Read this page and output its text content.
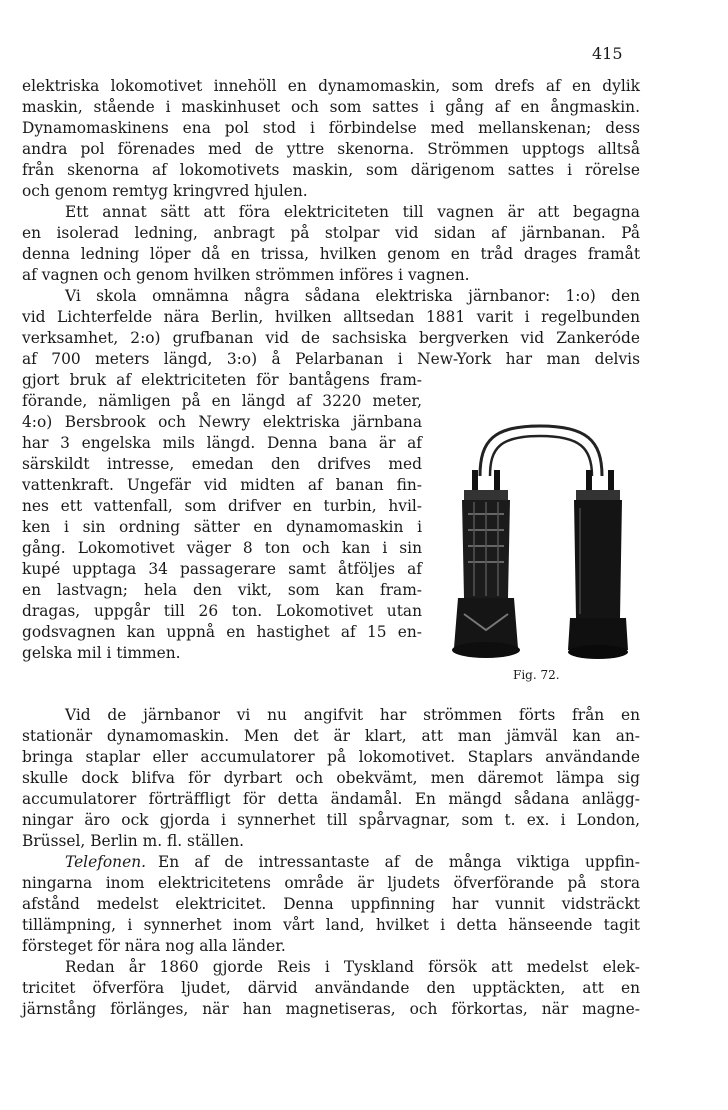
415
elektriska lokomotivet innehöll en dynamomaskin, som drefs af en dylik
maskin, stående i maskinhuset och som sattes i gång af en ångmaskin.
Dynamomaskinens ena pol stod i förbindelse med mellanskenan; dess
andra pol förenades med de yttre skenorna. Strömmen upptogs alltså
från skenorna af lokomotivets maskin, som därigenom sattes i rörelse
och genom remtyg kringvred hjulen.
Ett annat sätt att föra elektriciteten till vagnen är att begagna
en isolerad ledning, anbragt på stolpar vid sidan af järnbanan. På
denna ledning löper då en trissa, hvilken genom en tråd drages framåt
af vagnen och genom hvilken strömmen införes i vagnen.
Vi skola omnämna några sådana elektriska järnbanor: 1:o) den
vid Lichterfelde nära Berlin, hvilken alltsedan 1881 varit i regelbunden
verksamhet, 2:o) grufbanan vid de sachsiska bergverken vid Zankeróde
af 700 meters längd, 3:o) å Pelarbanan i New-York har man delvis
gjort bruk af elektriciteten för bantågens fram-
förande, nämligen på en längd af 3220 meter,
4:o) Bersbrook och Newry elektriska järnbana
har 3 engelska mils längd. Denna bana är af
särskildt intresse, emedan den drifves med
vattenkraft. Ungefär vid midten af banan fin-
nes ett vattenfall, som drifver en turbin, hvil-
ken i sin ordning sätter en dynamomaskin i
gång. Lokomotivet väger 8 ton och kan i sin
kupé upptaga 34 passagerare samt åtföljes af
en lastvagn; hela den vikt, som kan fram-
dragas, uppgår till 26 ton. Lokomotivet utan
godsvagnen kan uppnå en hastighet af 15 en-
gelska mil i timmen.
Fig. 72.
Vid de järnbanor vi nu angifvit har strömmen förts från en
stationär dynamomaskin. Men det är klart, att man jämväl kan an-
bringa staplar eller accumulatorer på lokomotivet. Staplars användande
skulle dock blifva för dyrbart och obekvämt, men däremot lämpa sig
accumulatorer förträffligt för detta ändamål. En mängd sådana anlägg-
ningar äro ock gjorda i synnerhet till spårvagnar, som t. ex. i London,
Brüssel, Berlin m. fl. ställen.
Telefonen. En af de intressantaste af de många viktiga uppfin-
ningarna inom elektricitetens område är ljudets öfverförande på stora
afstånd medelst elektricitet. Denna uppfinning har vunnit vidsträckt
tillämpning, i synnerhet inom vårt land, hvilket i detta hänseende tagit
försteget för nära nog alla länder.
Redan år 1860 gjorde Reis i Tyskland försök att medelst elek-
tricitet öfverföra ljudet, därvid användande den upptäckten, att en
järnstång förlänges, när han magnetiseras, och förkortas, när magne-
